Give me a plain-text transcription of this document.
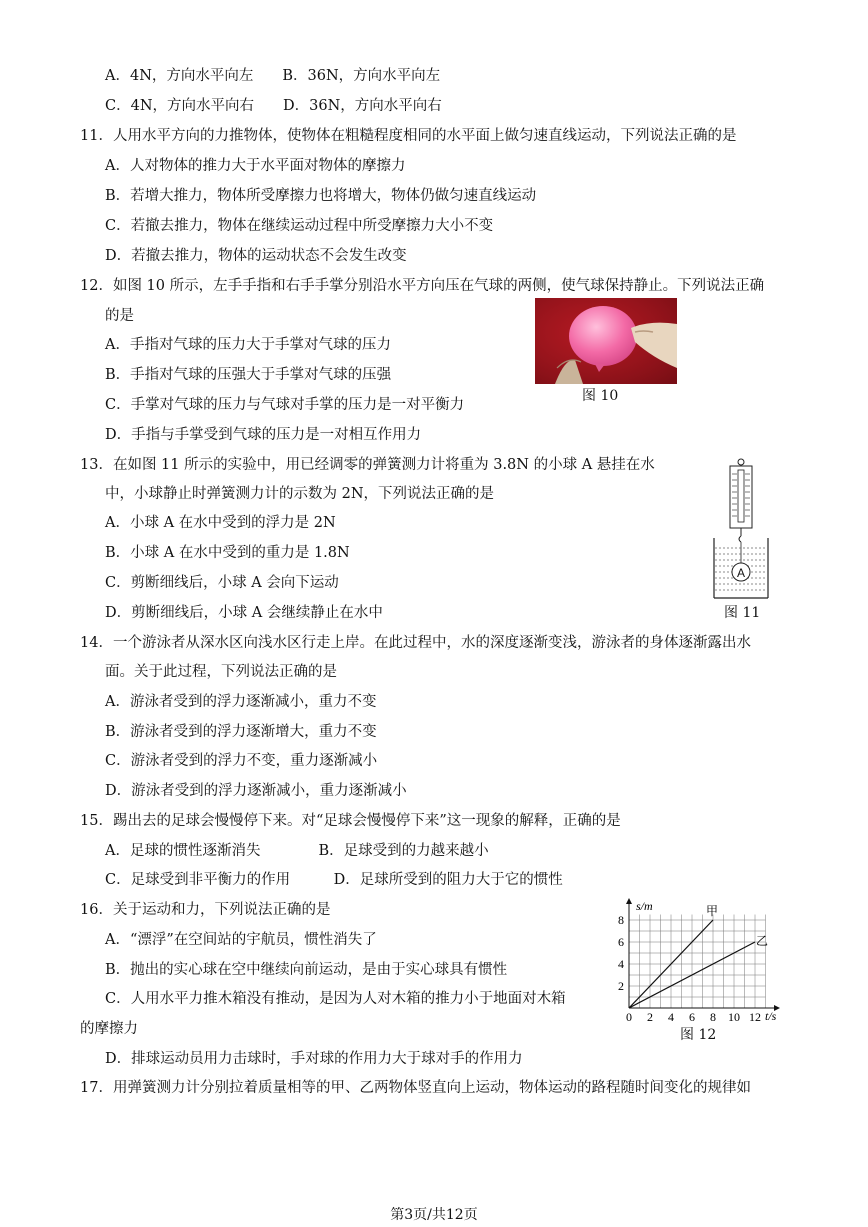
A．4N，方向水平向左　　B．36N，方向水平向左
C．4N，方向水平向右　　D．36N，方向水平向右
11．人用水平方向的力推物体，使物体在粗糙程度相同的水平面上做匀速直线运动，下列说法正确的是
A．人对物体的推力大于水平面对物体的摩擦力
B．若增大推力，物体所受摩擦力也将增大，物体仍做匀速直线运动
C．若撤去推力，物体在继续运动过程中所受摩擦力大小不变
D．若撤去推力，物体的运动状态不会发生改变
12．如图 10 所示，左手手指和右手手掌分别沿水平方向压在气球的两侧，使气球保持静止。下列说法正确
的是
A．手指对气球的压力大于手掌对气球的压力
B．手指对气球的压强大于手掌对气球的压强
C．手掌对气球的压力与气球对手掌的压力是一对平衡力
D．手指与手掌受到气球的压力是一对相互作用力
图 10
13．在如图 11 所示的实验中，用已经调零的弹簧测力计将重为 3.8N 的小球 A 悬挂在水
中，小球静止时弹簧测力计的示数为 2N，下列说法正确的是
A．小球 A 在水中受到的浮力是 2N
B．小球 A 在水中受到的重力是 1.8N
C．剪断细线后，小球 A 会向下运动
D．剪断细线后，小球 A 会继续静止在水中
A
图 11
14．一个游泳者从深水区向浅水区行走上岸。在此过程中，水的深度逐渐变浅，游泳者的身体逐渐露出水
面。关于此过程，下列说法正确的是
A．游泳者受到的浮力逐渐减小，重力不变
B．游泳者受到的浮力逐渐增大，重力不变
C．游泳者受到的浮力不变，重力逐渐减小
D．游泳者受到的浮力逐渐减小，重力逐渐减小
15．踢出去的足球会慢慢停下来。对“足球会慢慢停下来”这一现象的解释，正确的是
A．足球的惯性逐渐消失　　　　B．足球受到的力越来越小
C．足球受到非平衡力的作用　　　D．足球所受到的阻力大于它的惯性
16．关于运动和力，下列说法正确的是
A．“漂浮”在空间站的宇航员，惯性消失了
B．抛出的实心球在空中继续向前运动，是由于实心球具有惯性
C．人用水平力推木箱没有推动，是因为人对木箱的推力小于地面对木箱
的摩擦力
D．排球运动员用力击球时，手对球的作用力大于球对手的作用力
17．用弹簧测力计分别拉着质量相等的甲、乙两物体竖直向上运动，物体运动的路程随时间变化的规律如
0 2 4 6 8 10 12
2
4
6
8
s/m
t/s
甲
乙
图 12
第3页/共12页
